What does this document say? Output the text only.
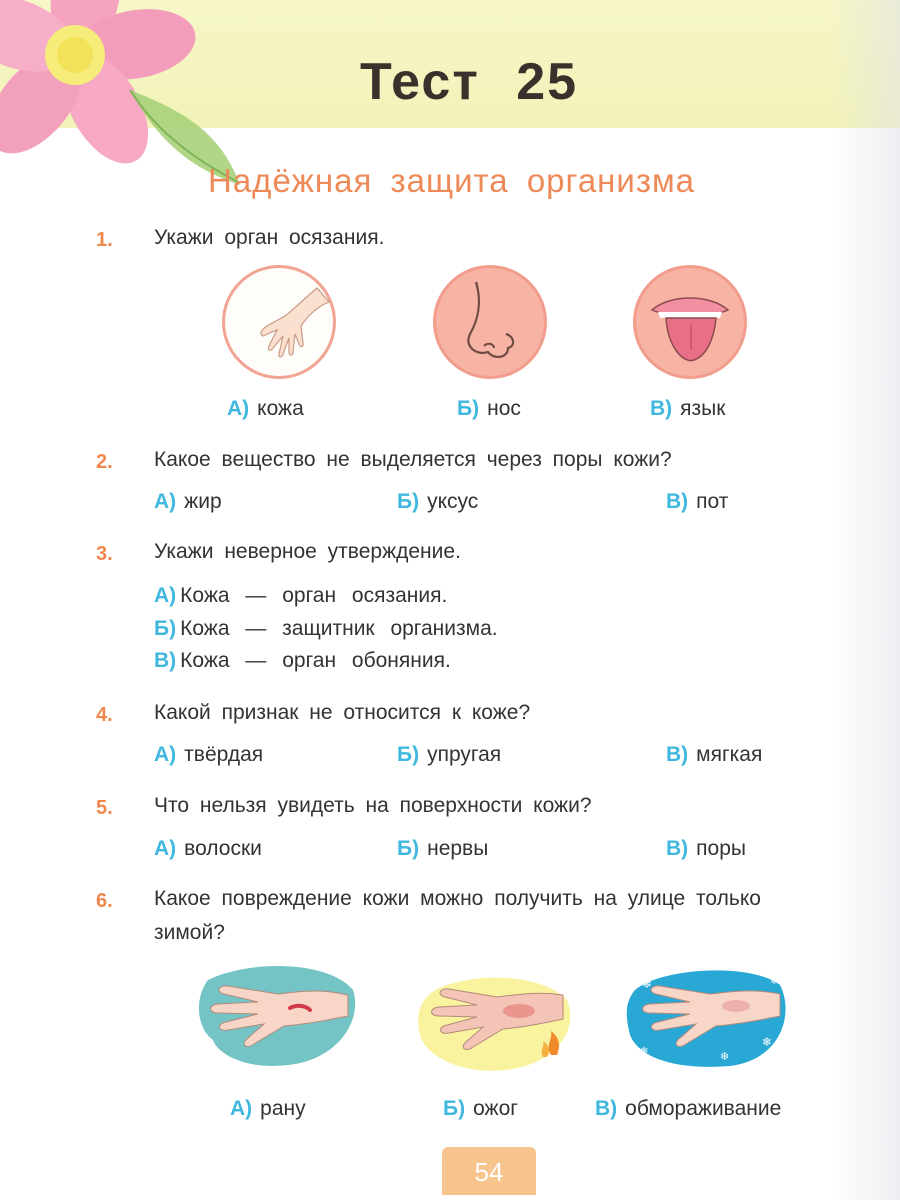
Тест 25
Надёжная защита организма
1. Укажи орган осязания.
А) кожа	Б) нос	В) язык
2. Какое вещество не выделяется через поры кожи?
А) жир	Б) уксус	В) пот
3. Укажи неверное утверждение.
А) Кожа — орган осязания.
Б) Кожа — защитник организма.
В) Кожа — орган обоняния.
4. Какой признак не относится к коже?
А) твёрдая	Б) упругая	В) мягкая
5. Что нельзя увидеть на поверхности кожи?
А) волоски	Б) нервы	В) поры
6. Какое повреждение кожи можно получить на улице только
зимой?
❄
❄
❄	❄
❄
А) рану	Б) ожог	В) обмораживание
54
